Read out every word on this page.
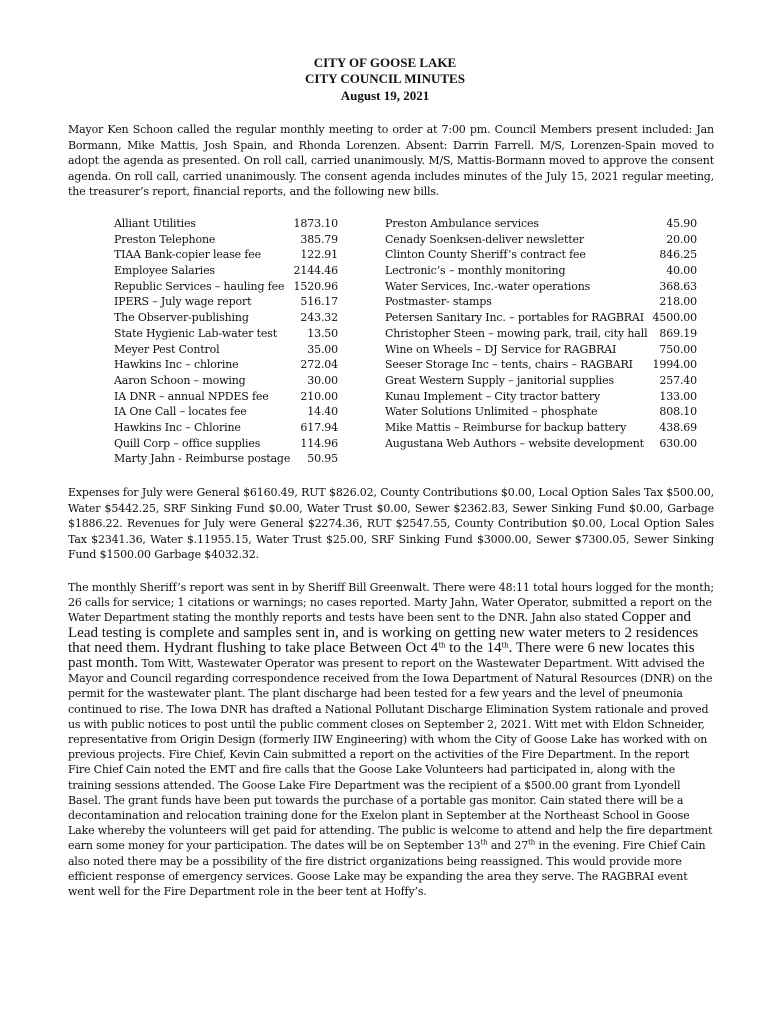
CITY OF GOOSE LAKE
CITY COUNCIL MINUTES
August 19, 2021

Mayor Ken Schoon called the regular monthly meeting to order at 7:00 pm. Council Members present included: Jan Bormann, Mike Mattis, Josh Spain, and Rhonda Lorenzen. Absent: Darrin Farrell. M/S, Lorenzen-Spain moved to adopt the agenda as presented. On roll call, carried unanimously. M/S, Mattis-Bormann moved to approve the consent agenda. On roll call, carried unanimously. The consent agenda includes minutes of the July 15, 2021 regular meeting, the treasurer’s report, financial reports, and the following new bills.

Alliant Utilities	1873.10
Preston Telephone	385.79
TIAA Bank-copier lease fee	122.91
Employee Salaries	2144.46
Republic Services – hauling fee 1520.96
IPERS – July wage report	516.17
The Observer-publishing	243.32
State Hygienic Lab-water test	13.50
Meyer Pest Control	35.00
Hawkins Inc – chlorine	272.04
Aaron Schoon – mowing	30.00
IA DNR – annual NPDES fee	210.00
IA One Call – locates fee	14.40
Hawkins Inc – Chlorine	617.94
Quill Corp – office supplies	114.96
Marty Jahn - Reimburse postage 50.95
Preston Ambulance services	45.90
Cenady Soenksen-deliver newsletter	20.00
Clinton County Sheriff’s contract fee	846.25
Lectronic’s – monthly monitoring	40.00
Water Services, Inc.-water operations	368.63
Postmaster- stamps	218.00
Petersen Sanitary Inc. – portables for RAGBRAI 4500.00
Christopher Steen – mowing park, trail, city hall 869.19
Wine on Wheels – DJ Service for RAGBRAI	750.00
Seeser Storage Inc – tents, chairs – RAGBARI 1994.00
Great Western Supply – janitorial supplies	257.40
Kunau Implement – City tractor battery	133.00
Water Solutions Unlimited – phosphate	808.10
Mike Mattis – Reimburse for backup battery	438.69
Augustana Web Authors – website development 630.00

Expenses for July were General $6160.49, RUT $826.02, County Contributions $0.00, Local Option Sales Tax $500.00, Water $5442.25, SRF Sinking Fund $0.00, Water Trust $0.00, Sewer $2362.83, Sewer Sinking Fund $0.00, Garbage $1886.22. Revenues for July were General $2274.36, RUT $2547.55, County Contribution $0.00, Local Option Sales Tax $2341.36, Water $.11955.15, Water Trust $25.00, SRF Sinking Fund $3000.00, Sewer $7300.05, Sewer Sinking Fund $1500.00 Garbage $4032.32.

The monthly Sheriff’s report was sent in by Sheriff Bill Greenwalt. There were 48:11 total hours logged for the month; 26 calls for service; 1 citations or warnings; no cases reported. Marty Jahn, Water Operator, submitted a report on the Water Department stating the monthly reports and tests have been sent to the DNR. Jahn also stated Copper and Lead testing is complete and samples sent in, and is working on getting new water meters to 2 residences that need them. Hydrant flushing to take place Between Oct 4th to the 14th. There were 6 new locates this past month. Tom Witt, Wastewater Operator was present to report on the Wastewater Department. Witt advised the Mayor and Council regarding correspondence received from the Iowa Department of Natural Resources (DNR) on the permit for the wastewater plant. The plant discharge had been tested for a few years and the level of pneumonia continued to rise. The Iowa DNR has drafted a National Pollutant Discharge Elimination System rationale and proved us with public notices to post until the public comment closes on September 2, 2021. Witt met with Eldon Schneider, representative from Origin Design (formerly IIW Engineering) with whom the City of Goose Lake has worked with on previous projects. Fire Chief, Kevin Cain submitted a report on the activities of the Fire Department. In the report Fire Chief Cain noted the EMT and fire calls that the Goose Lake Volunteers had participated in, along with the training sessions attended. The Goose Lake Fire Department was the recipient of a $500.00 grant from Lyondell Basel. The grant funds have been put towards the purchase of a portable gas monitor. Cain stated there will be a decontamination and relocation training done for the Exelon plant in September at the Northeast School in Goose Lake whereby the volunteers will get paid for attending. The public is welcome to attend and help the fire department earn some money for your participation. The dates will be on September 13th and 27th in the evening. Fire Chief Cain also noted there may be a possibility of the fire district organizations being reassigned. This would provide more efficient response of emergency services. Goose Lake may be expanding the area they serve. The RAGBRAI event went well for the Fire Department role in the beer tent at Hoffy’s.
